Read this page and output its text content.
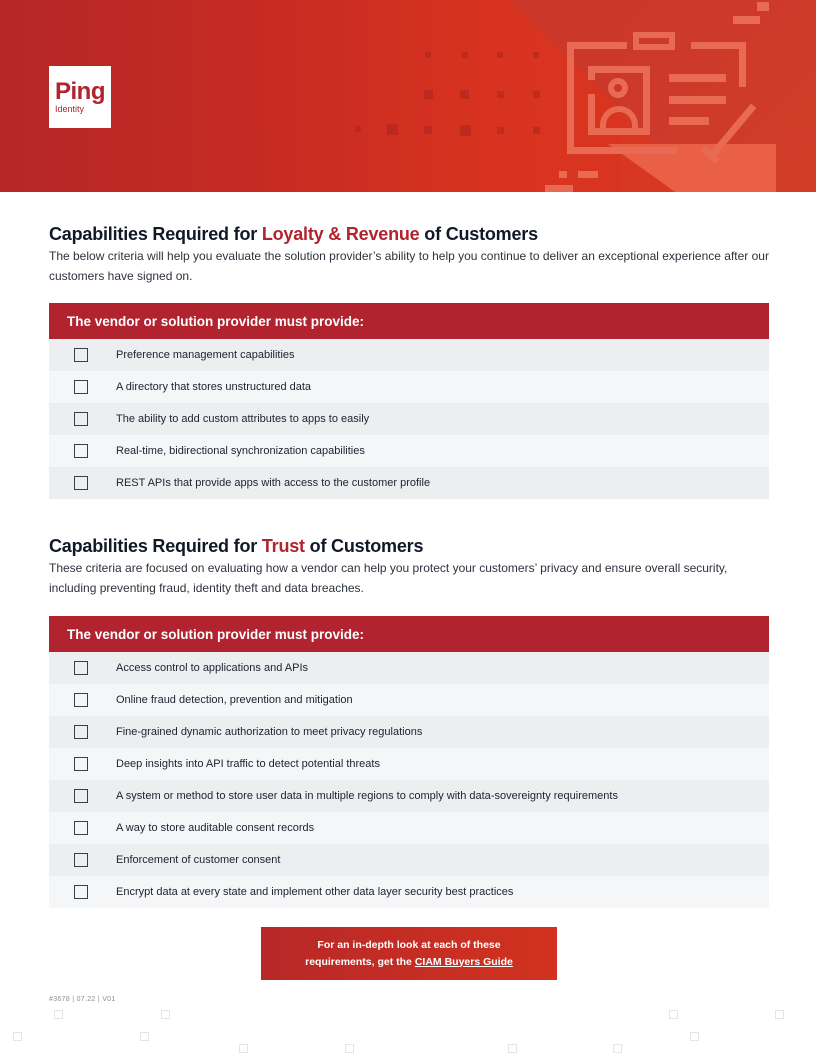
Ping
Identity
Capabilities Required for Loyalty & Revenue of Customers

The below criteria will help you evaluate the solution provider’s ability to help you continue to deliver an exceptional experience after our customers have signed on.

The vendor or solution provider must provide:
Preference management capabilities
A directory that stores unstructured data
The ability to add custom attributes to apps to easily
Real-time, bidirectional synchronization capabilities
REST APIs that provide apps with access to the customer profile
Capabilities Required for Trust of Customers

These criteria are focused on evaluating how a vendor can help you protect your customers’ privacy and ensure overall security, including preventing fraud, identity theft and data breaches.

The vendor or solution provider must provide:
Access control to applications and APIs
Online fraud detection, prevention and mitigation
Fine-grained dynamic authorization to meet privacy regulations
Deep insights into API traffic to detect potential threats
A system or method to store user data in multiple regions to comply with data-sovereignty requirements
A way to store auditable consent records
Enforcement of customer consent
Encrypt data at every state and implement other data layer security best practices
For an in-depth look at each of these
requirements, get the CIAM Buyers Guide
#3678 | 07.22 | V01
